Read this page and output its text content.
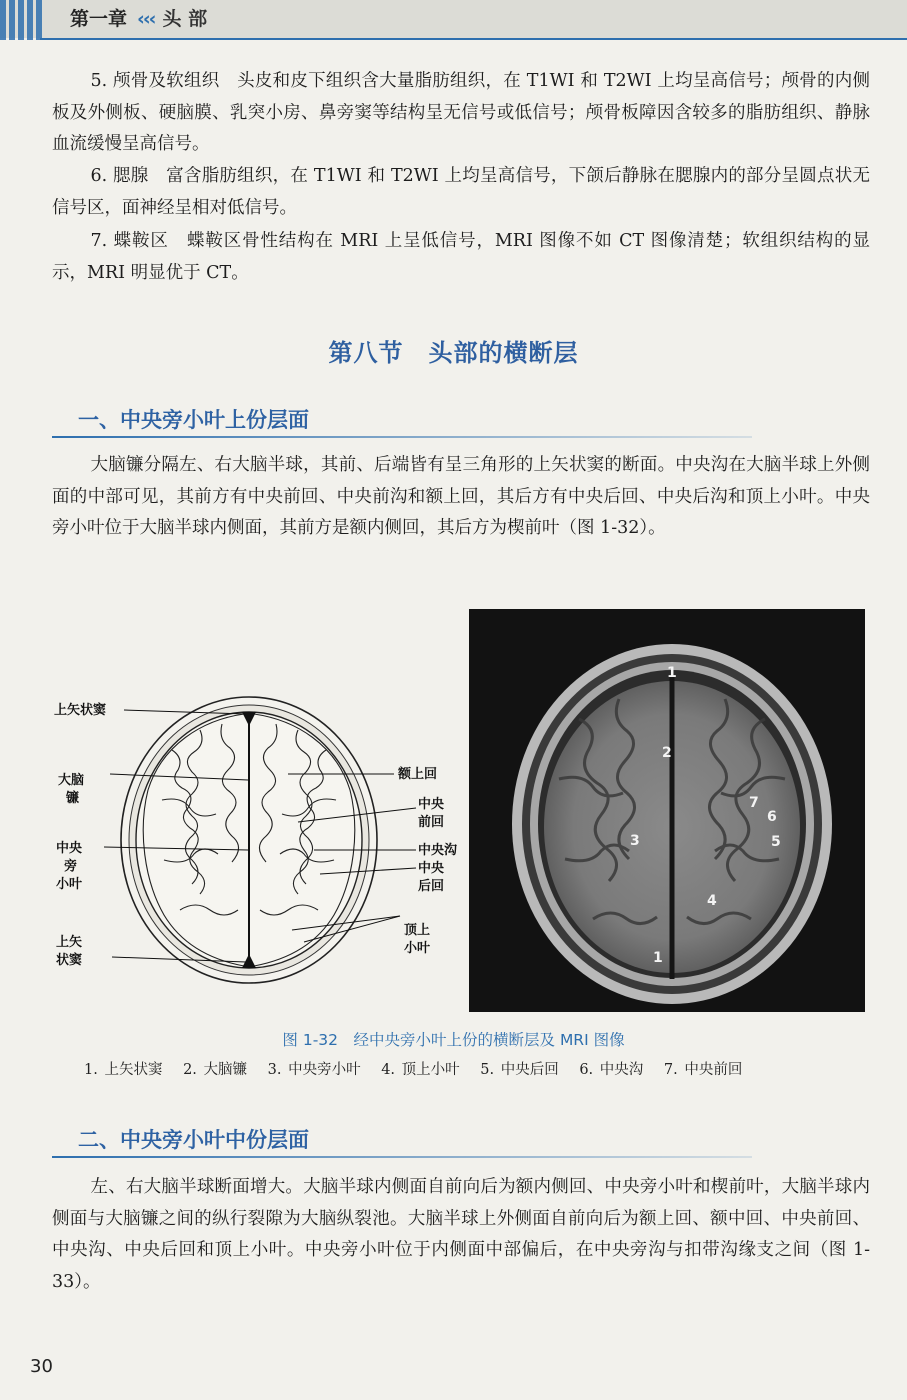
第一章 ‹‹‹ 头 部

5. 颅骨及软组织　头皮和皮下组织含大量脂肪组织，在 T1WI 和 T2WI 上均呈高信号；颅骨的内侧板及外侧板、硬脑膜、乳突小房、鼻旁窦等结构呈无信号或低信号；颅骨板障因含较多的脂肪组织、静脉血流缓慢呈高信号。

6. 腮腺　富含脂肪组织，在 T1WI 和 T2WI 上均呈高信号，下颌后静脉在腮腺内的部分呈圆点状无信号区，面神经呈相对低信号。

7. 蝶鞍区　蝶鞍区骨性结构在 MRI 上呈低信号，MRI 图像不如 CT 图像清楚；软组织结构的显示，MRI 明显优于 CT。

第八节　头部的横断层
一、中央旁小叶上份层面

大脑镰分隔左、右大脑半球，其前、后端皆有呈三角形的上矢状窦的断面。中央沟在大脑半球上外侧面的中部可见，其前方有中央前回、中央前沟和额上回，其后方有中央后回、中央后沟和顶上小叶。中央旁小叶位于大脑半球内侧面，其前方是额内侧回，其后方为楔前叶（图 1-32）。

上矢状窦
大脑
镰
中央
旁
小叶
上矢
状窦
额上回
中央
前回
中央沟
中央
后回
顶上
小叶
1
2
3
4
5
6
7
1
图 1-32　经中央旁小叶上份的横断层及 MRI 图像
1. 上矢状窦 2. 大脑镰 3. 中央旁小叶 4. 顶上小叶 5. 中央后回 6. 中央沟 7. 中央前回
二、中央旁小叶中份层面

左、右大脑半球断面增大。大脑半球内侧面自前向后为额内侧回、中央旁小叶和楔前叶，大脑半球内侧面与大脑镰之间的纵行裂隙为大脑纵裂池。大脑半球上外侧面自前向后为额上回、额中回、中央前回、中央沟、中央后回和顶上小叶。中央旁小叶位于内侧面中部偏后，在中央旁沟与扣带沟缘支之间（图 1-33）。

30
